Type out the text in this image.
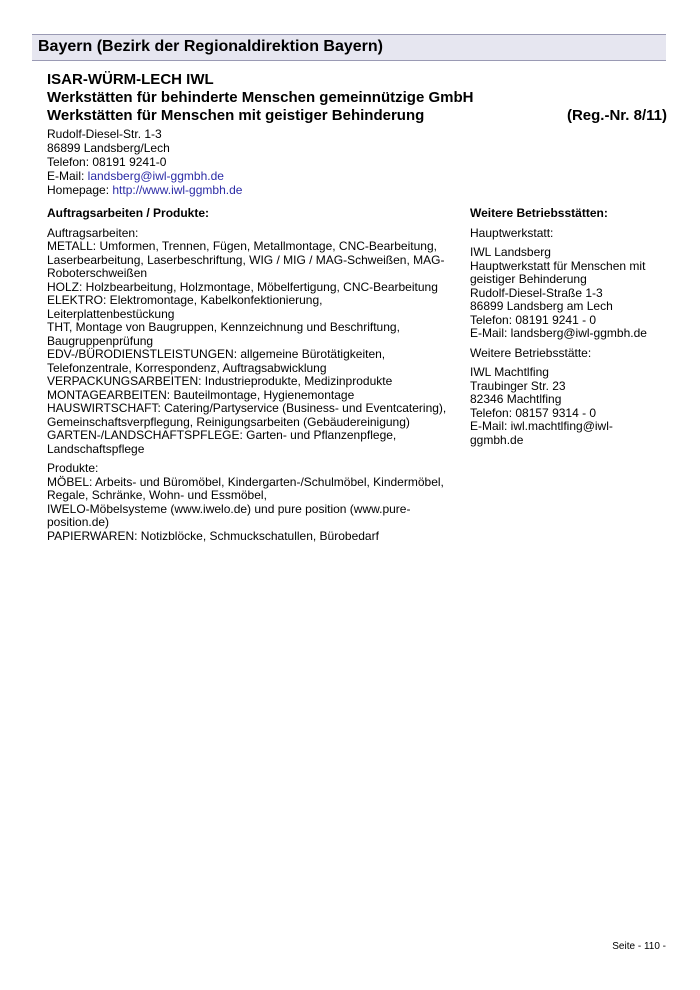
Bayern (Bezirk der Regionaldirektion Bayern)
ISAR-WÜRM-LECH IWL
Werkstätten für behinderte Menschen gemeinnützige GmbH
Werkstätten für Menschen mit geistiger Behinderung	(Reg.-Nr. 8/11)
Rudolf-Diesel-Str. 1-3
86899 Landsberg/Lech
Telefon: 08191 9241-0
E-Mail: landsberg@iwl-ggmbh.de
Homepage: http://www.iwl-ggmbh.de
Auftragsarbeiten / Produkte:
Auftragsarbeiten:
METALL: Umformen, Trennen, Fügen, Metallmontage, CNC-Bearbeitung,
Laserbearbeitung, Laserbeschriftung, WIG / MIG / MAG-Schweißen, MAG-
Roboterschweißen
HOLZ: Holzbearbeitung, Holzmontage, Möbelfertigung, CNC-Bearbeitung
ELEKTRO: Elektromontage, Kabelkonfektionierung, Leiterplattenbestückung
THT, Montage von Baugruppen, Kennzeichnung und Beschriftung,
Baugruppenprüfung
EDV-/BÜRODIENSTLEISTUNGEN: allgemeine Bürotätigkeiten,
Telefonzentrale, Korrespondenz, Auftragsabwicklung
VERPACKUNGSARBEITEN: Industrieprodukte, Medizinprodukte
MONTAGEARBEITEN: Bauteilmontage, Hygienemontage
HAUSWIRTSCHAFT: Catering/Partyservice (Business- und Eventcatering),
Gemeinschaftsverpflegung, Reinigungsarbeiten (Gebäudereinigung)
GARTEN-/LANDSCHAFTSPFLEGE: Garten- und Pflanzenpflege,
Landschaftspflege
Produkte:
MÖBEL: Arbeits- und Büromöbel, Kindergarten-/Schulmöbel, Kindermöbel,
Regale, Schränke, Wohn- und Essmöbel,
IWELO-Möbelsysteme (www.iwelo.de) und pure position (www.pure-
position.de)
PAPIERWAREN: Notizblöcke, Schmuckschatullen, Bürobedarf
Weitere Betriebsstätten:
Hauptwerkstatt:
IWL Landsberg
Hauptwerkstatt für Menschen mit
geistiger Behinderung
Rudolf-Diesel-Straße 1-3
86899 Landsberg am Lech
Telefon: 08191 9241 - 0
E-Mail: landsberg@iwl-ggmbh.de
Weitere Betriebsstätte:
IWL Machtlfing
Traubinger Str. 23
82346 Machtlfing
Telefon: 08157 9314 - 0
E-Mail: iwl.machtlfing@iwl-
ggmbh.de
Seite - 110 -
